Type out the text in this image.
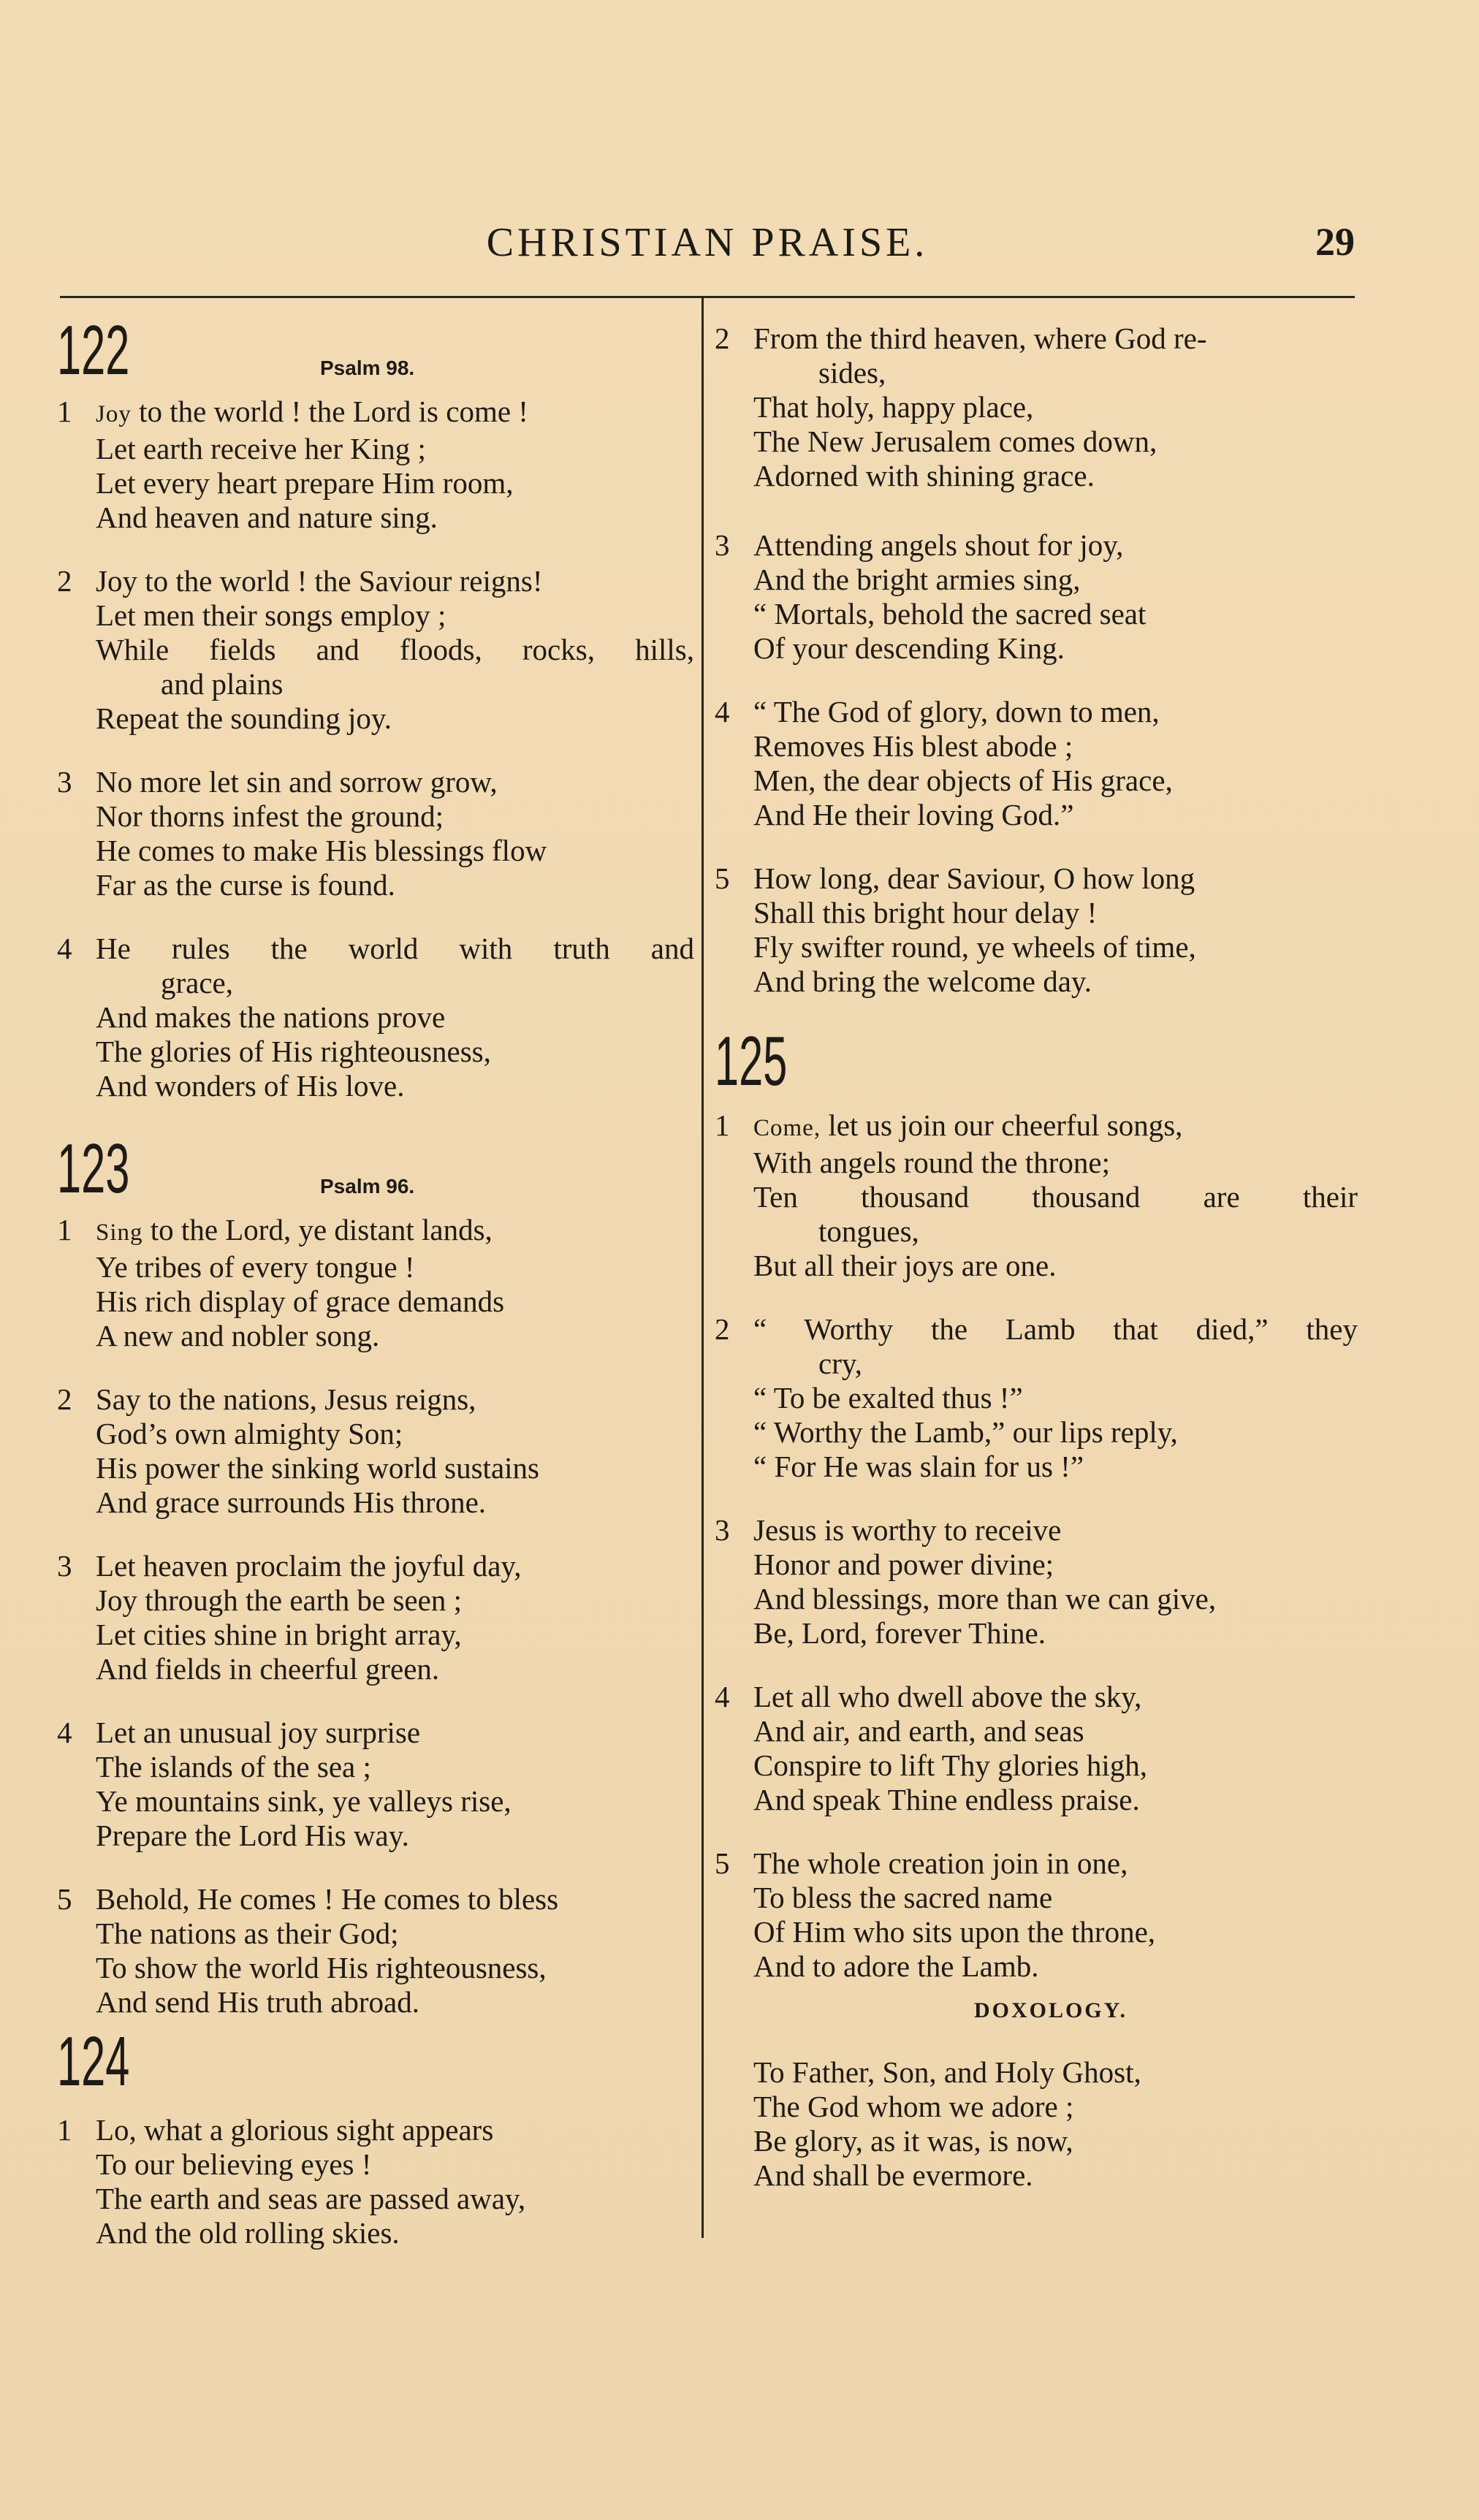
CHRISTIAN PRAISE.	29
122	Psalm 98.
1 Joy to the world ! the Lord is come !
Let earth receive her King ;
Let every heart prepare Him room,
And heaven and nature sing.
2 Joy to the world ! the Saviour reigns!
Let men their songs employ ;
While fields and floods, rocks, hills,
and plains
Repeat the sounding joy.
3 No more let sin and sorrow grow,
Nor thorns infest the ground;
He comes to make His blessings flow
Far as the curse is found.
4 He rules the world with truth and
grace,
And makes the nations prove
The glories of His righteousness,
And wonders of His love.
123	Psalm 96.
1 Sing to the Lord, ye distant lands,
Ye tribes of every tongue !
His rich display of grace demands
A new and nobler song.
2 Say to the nations, Jesus reigns,
God’s own almighty Son;
His power the sinking world sustains
And grace surrounds His throne.
3 Let heaven proclaim the joyful day,
Joy through the earth be seen ;
Let cities shine in bright array,
And fields in cheerful green.
4 Let an unusual joy surprise
The islands of the sea ;
Ye mountains sink, ye valleys rise,
Prepare the Lord His way.
5 Behold, He comes ! He comes to bless
The nations as their God;
To show the world His righteousness,
And send His truth abroad.
124
1 Lo, what a glorious sight appears
To our believing eyes !
The earth and seas are passed away,
And the old rolling skies.
2 From the third heaven, where God re-
sides,
That holy, happy place,
The New Jerusalem comes down,
Adorned with shining grace.
3 Attending angels shout for joy,
And the bright armies sing,
“ Mortals, behold the sacred seat
Of your descending King.
4 “ The God of glory, down to men,
Removes His blest abode ;
Men, the dear objects of His grace,
And He their loving God.”
5 How long, dear Saviour, O how long
Shall this bright hour delay !
Fly swifter round, ye wheels of time,
And bring the welcome day.
125
1 Come, let us join our cheerful songs,
With angels round the throne;
Ten thousand thousand are their
tongues,
But all their joys are one.
2 “ Worthy the Lamb that died,” they
cry,
“ To be exalted thus !”
“ Worthy the Lamb,” our lips reply,
“ For He was slain for us !”
3 Jesus is worthy to receive
Honor and power divine;
And blessings, more than we can give,
Be, Lord, forever Thine.
4 Let all who dwell above the sky,
And air, and earth, and seas
Conspire to lift Thy glories high,
And speak Thine endless praise.
5 The whole creation join in one,
To bless the sacred name
Of Him who sits upon the throne,
And to adore the Lamb.
DOXOLOGY.
To Father, Son, and Holy Ghost,
The God whom we adore ;
Be glory, as it was, is now,
And shall be evermore.
